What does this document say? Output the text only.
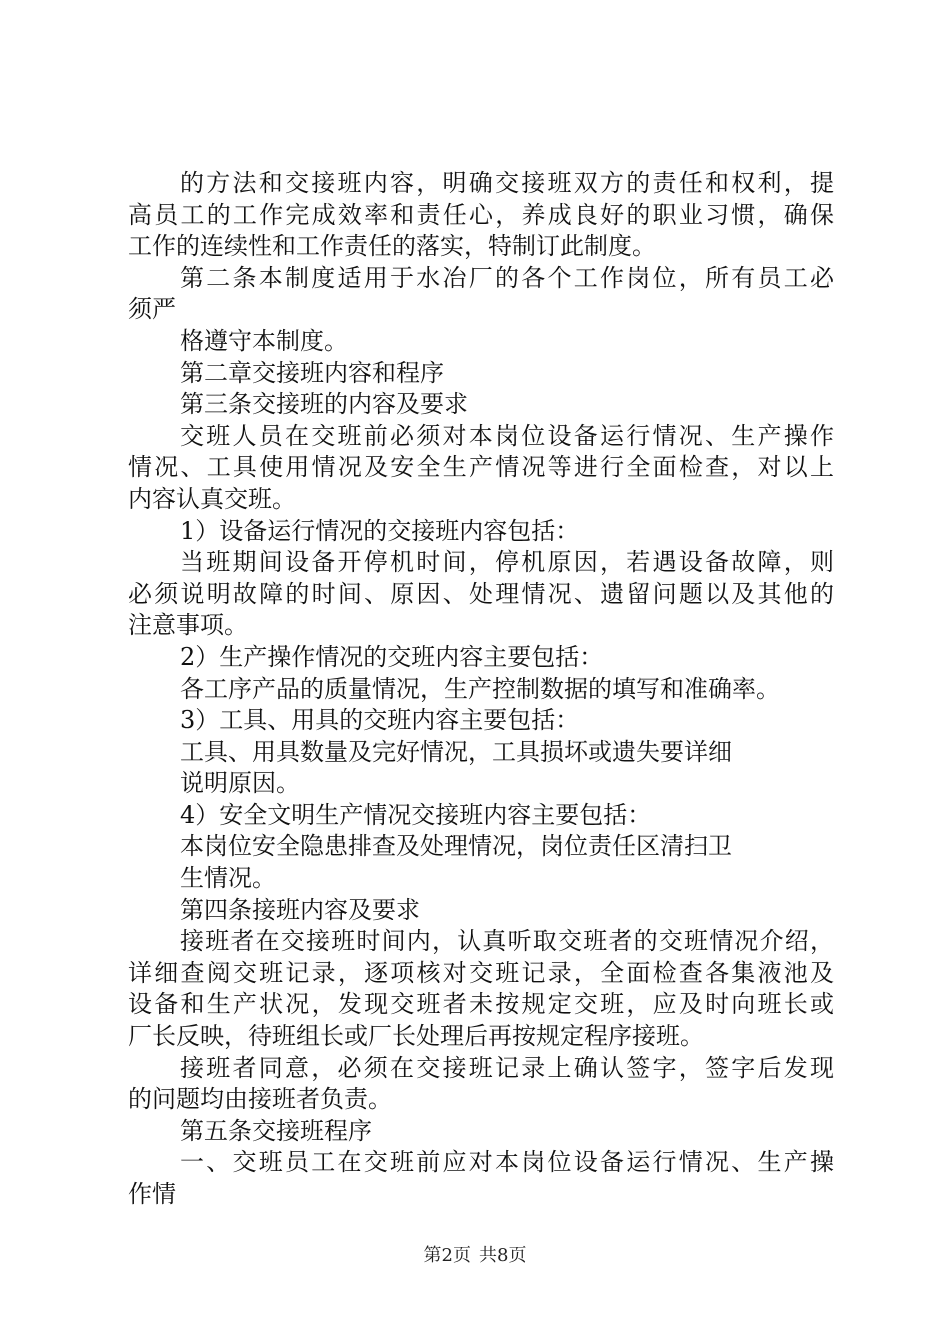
的方法和交接班内容，明确交接班双方的责任和权利，提
高员工的工作完成效率和责任心，养成良好的职业习惯，确保
工作的连续性和工作责任的落实，特制订此制度。
第二条本制度适用于水冶厂的各个工作岗位，所有员工必
须严
格遵守本制度。
第二章交接班内容和程序
第三条交接班的内容及要求
交班人员在交班前必须对本岗位设备运行情况、生产操作
情况、工具使用情况及安全生产情况等进行全面检查，对以上
内容认真交班。
1）设备运行情况的交接班内容包括：
当班期间设备开停机时间，停机原因，若遇设备故障，则
必须说明故障的时间、原因、处理情况、遗留问题以及其他的
注意事项。
2）生产操作情况的交班内容主要包括：
各工序产品的质量情况，生产控制数据的填写和准确率。
3）工具、用具的交班内容主要包括：
工具、用具数量及完好情况，工具损坏或遗失要详细
说明原因。
4）安全文明生产情况交接班内容主要包括：
本岗位安全隐患排查及处理情况，岗位责任区清扫卫
生情况。
第四条接班内容及要求
接班者在交接班时间内，认真听取交班者的交班情况介绍，
详细查阅交班记录，逐项核对交班记录，全面检查各集液池及
设备和生产状况，发现交班者未按规定交班，应及时向班长或
厂长反映，待班组长或厂长处理后再按规定程序接班。
接班者同意，必须在交接班记录上确认签字，签字后发现
的问题均由接班者负责。
第五条交接班程序
一、交班员工在交班前应对本岗位设备运行情况、生产操
作情
第2页 共8页
